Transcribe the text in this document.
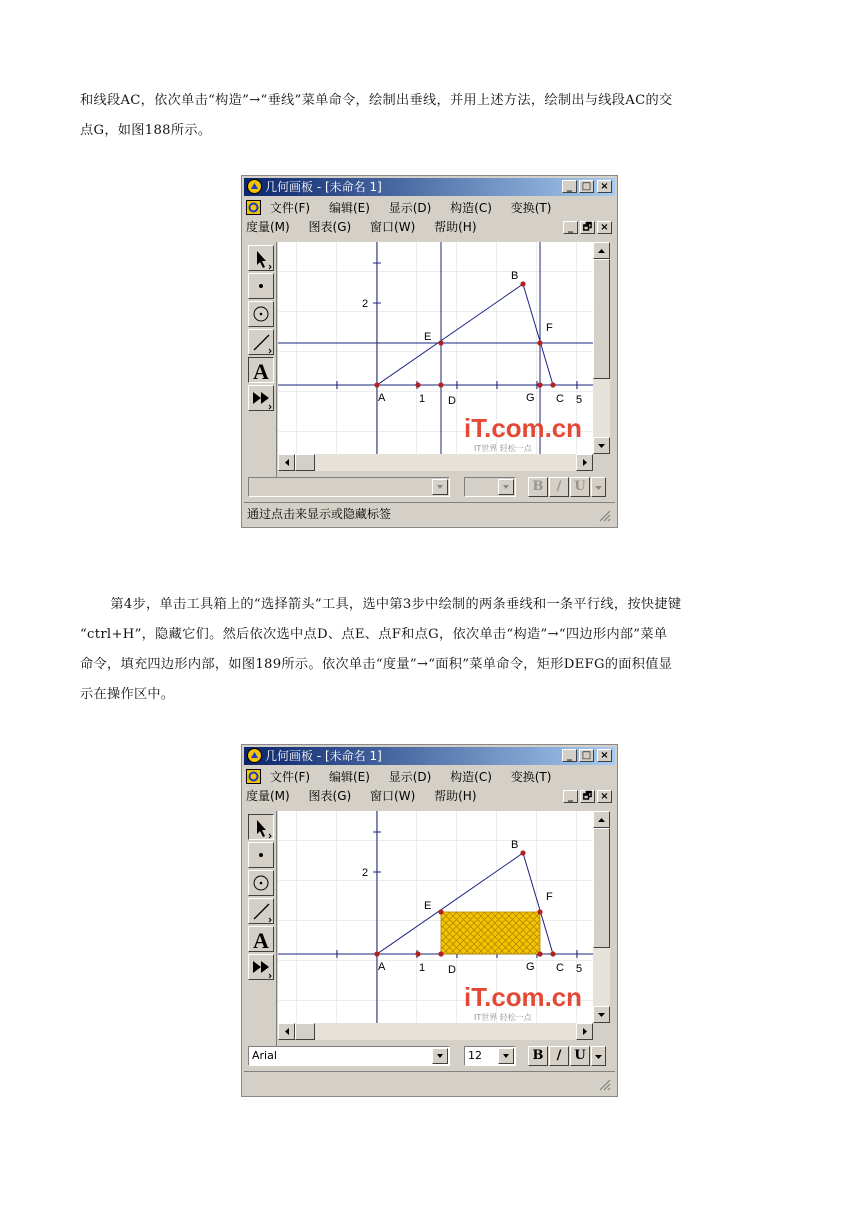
和线段AC，依次单击“构造”→“垂线”菜单命令，绘制出垂线，并用上述方法，绘制出与线段AC的交

点G，如图188所示。

第4步，单击工具箱上的“选择箭头”工具，选中第3步中绘制的两条垂线和一条平行线，按快捷键

“ctrl+H”，隐藏它们。然后依次选中点D、点E、点F和点G，依次单击“构造”→“四边形内部”菜单

命令，填充四边形内部，如图189所示。依次单击“度量”→“面积”菜单命令，矩形DEFG的面积值显

示在操作区中。

几何画板 - [未命名 1]	_ □ ×
文件(F) 编辑(E) 显示(D) 构造(C) 变换(T)
度量(M) 图表(G) 窗口(W) 帮助(H)	_ 🗗 ×
A
2
1	5
A
B
C
D
E
F
G
iT.com.cn
IT世界 轻松一点
B	/ U
通过点击来显示或隐藏标签
几何画板 - [未命名 1]	_ □ ×
文件(F) 编辑(E) 显示(D) 构造(C) 变换(T)
度量(M) 图表(G) 窗口(W) 帮助(H)	_ 🗗 ×
A
2
1	5
A
B
C
D
E
F
G
iT.com.cn
IT世界 轻松一点
Arial	12	B	/ U
